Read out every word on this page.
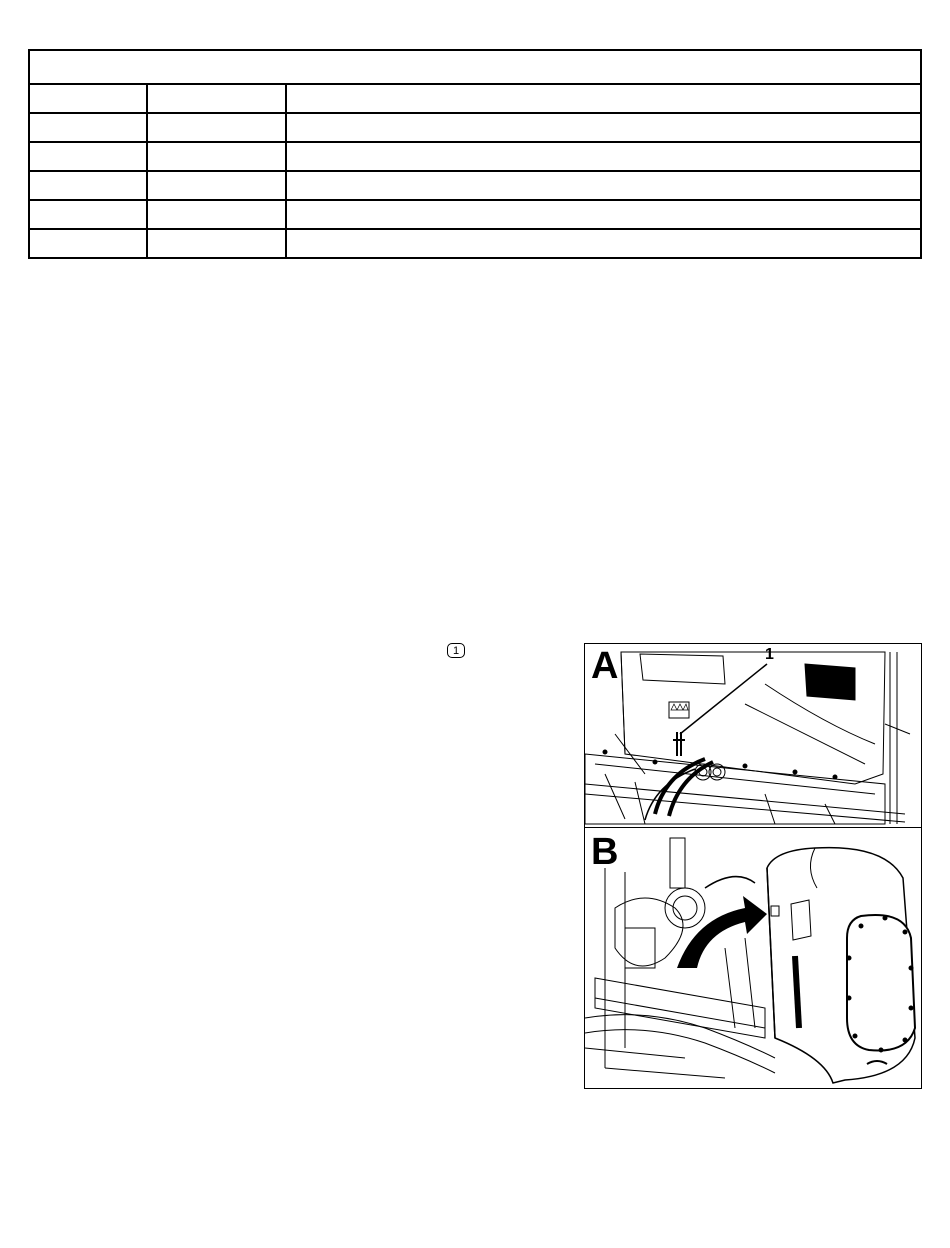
1	A	1
B
